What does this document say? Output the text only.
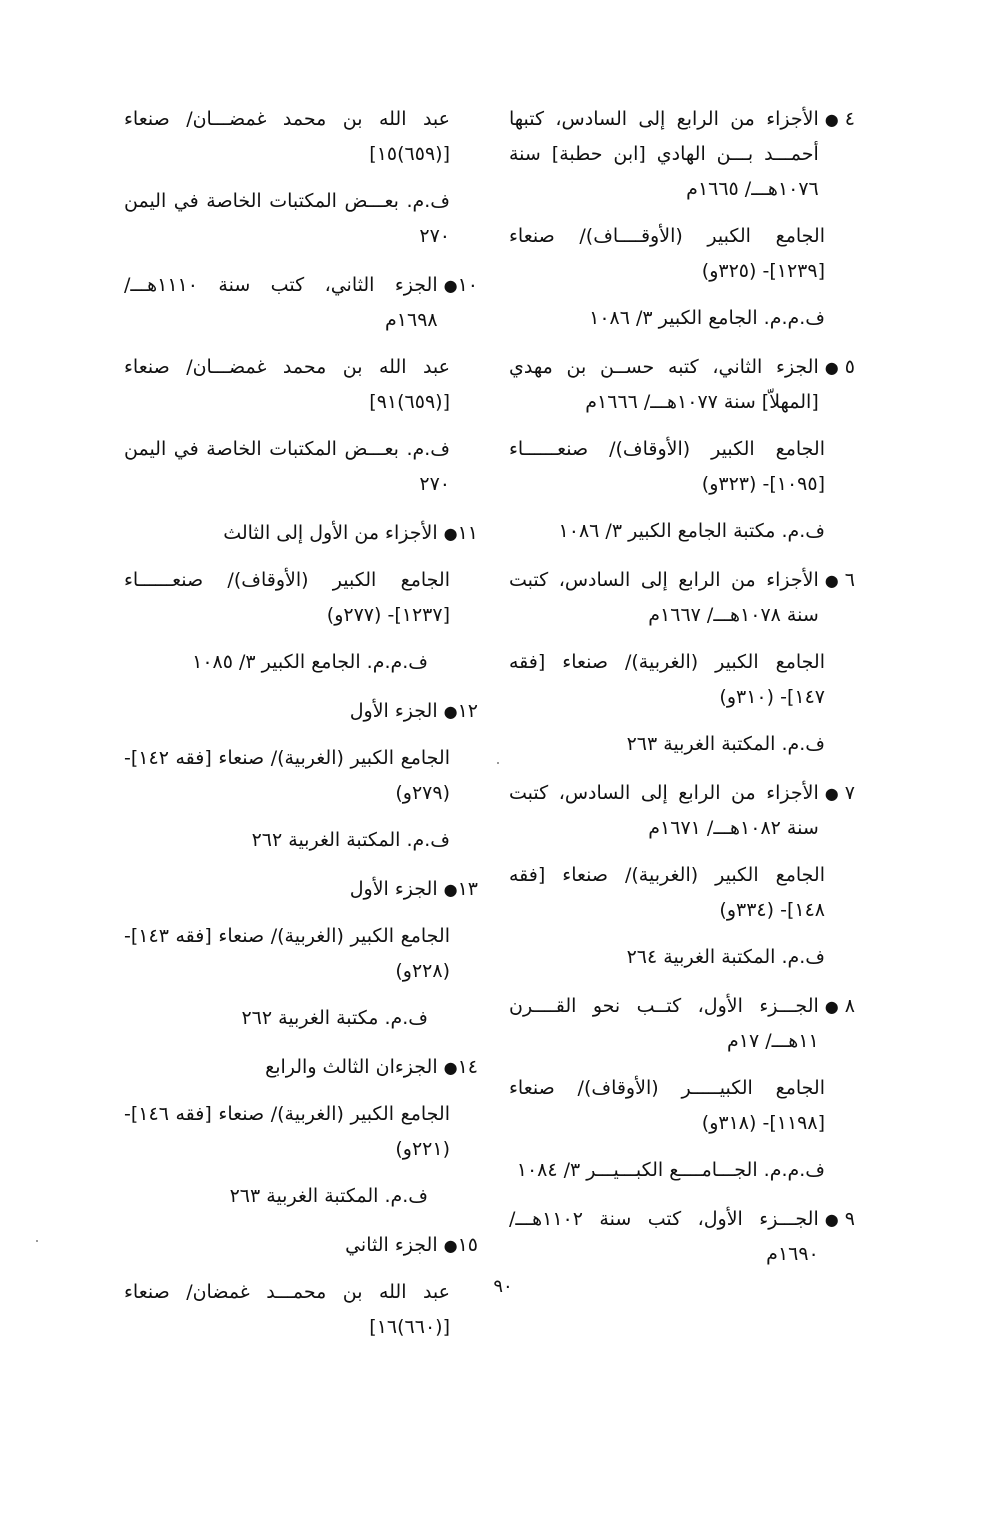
٤ ●
الأجزاء من الرابع إلى السادس، كتبها أحمـــد بـــن الهادي [ابن حطبة] سنة ١٠٧٦هـــ/ ١٦٦٥م
الجامع الكبير (الأوقــــاف)/ صنعاء [١٢٣٩]- (٣٢٥و)
ف.م.م. الجامع الكبير ٣/ ١٠٨٦
٥ ●
الجزء الثاني، كتبه حســن بن مهدي [المهلاّ] سنة ١٠٧٧هـــ/ ١٦٦٦م
الجامع الكبير (الأوقاف)/ صنعــــــاء [١٠٩٥]- (٣٢٣و)
ف.م. مكتبة الجامع الكبير ٣/ ١٠٨٦
٦ ●
الأجزاء من الرابع إلى السادس، كتبت سنة ١٠٧٨هـــ/ ١٦٦٧م
الجامع الكبير (الغربية)/ صنعاء [فقه ١٤٧]- (٣١٠و)
ف.م. المكتبة الغربية ٢٦٣
٧ ●
الأجزاء من الرابع إلى السادس، كتبت سنة ١٠٨٢هـــ/ ١٦٧١م
الجامع الكبير (الغربية)/ صنعاء [فقه ١٤٨]- (٣٣٤و)
ف.م. المكتبة الغربية ٢٦٤
٨ ●
الجـــزء الأول، كتــب نحو القــــرن ١١هـــ/ ١٧م
الجامع الكبيـــــر (الأوقاف)/ صنعاء [١١٩٨]- (٣١٨و)
ف.م.م. الجـــامــــع الكبـــيـــر ٣/ ١٠٨٤
٩ ●
الجـــزء الأول، كتب سنة ١١٠٢هـــ/ ١٦٩٠م
عبد الله بن محمد غمضـــان/ صنعاء [(٦٥٩)١٥]
ف.م. بعـــض المكتبات الخاصة في اليمن ٢٧٠
١٠●
الجزء الثاني، كتب سنة ١١١٠هـــ/ ١٦٩٨م
عبد الله بن محمد غمضـــان/ صنعاء [(٦٥٩)٩١]
ف.م. بعـــض المكتبات الخاصة في اليمن ٢٧٠
١١●
الأجزاء من الأول إلى الثالث
الجامع الكبير (الأوقاف)/ صنعــــــاء [١٢٣٧]- (٢٧٧و)
ف.م.م. الجامع الكبير ٣/ ١٠٨٥
١٢●
الجزء الأول
الجامع الكبير (الغربية)/ صنعاء [فقه ١٤٢]- (٢٧٩و)
ف.م. المكتبة الغربية ٢٦٢
١٣●
الجزء الأول
الجامع الكبير (الغربية)/ صنعاء [فقه ١٤٣]- (٢٢٨و)
ف.م. مكتبة الغربية ٢٦٢
١٤●
الجزءان الثالث والرابع
الجامع الكبير (الغربية)/ صنعاء [فقه ١٤٦]- (٢٢١و)
ف.م. المكتبة الغربية ٢٦٣
١٥●
الجزء الثاني
عبد الله بن محمـــد غمضان/ صنعاء [(٦٦٠)١٦]
٩٠
